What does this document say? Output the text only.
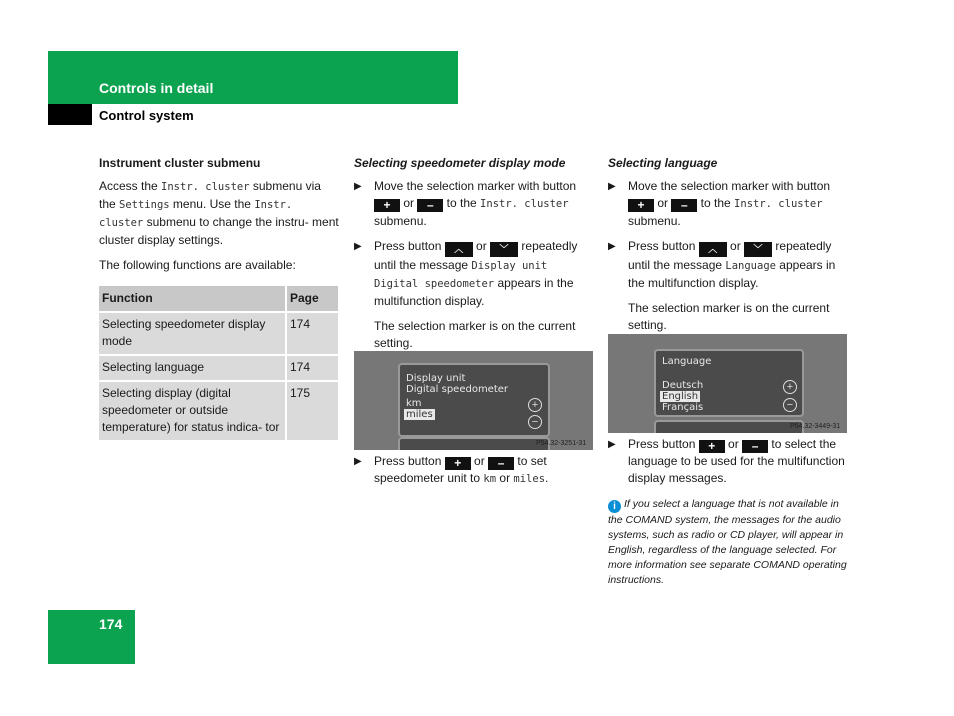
Controls in detail
Control system

Instrument cluster submenu

Access the Instr. cluster submenu via the Settings menu. Use the Instr. cluster submenu to change the instru- ment cluster display settings.

The following functions are available:

Function	Page
Selecting speedometer display mode	174
Selecting language	174
Selecting display (digital speedometer or outside temperature) for status indica- tor	175

Selecting speedometer display mode

▶ Move the selection marker with button + or – to the Instr. cluster submenu.
▶ Press button ︿ or ﹀ repeatedly until the message Display unit Digital speedometer appears in the multifunction display.

The selection marker is on the current setting.

Display unit
Digital speedometer
km
miles
+
−
P54.32-3251-31
▶ Press button + or – to set speedometer unit to km or miles.

Selecting language

▶ Move the selection marker with button + or – to the Instr. cluster submenu.
▶ Press button ︿ or ﹀ repeatedly until the message Language appears in the multifunction display.

The selection marker is on the current setting.

Language
Deutsch
English
Français
+
−
P54.32-3449-31
▶ Press button + or – to select the language to be used for the multifunction display messages.
i If you select a language that is not available in the COMAND system, the messages for the audio systems, such as radio or CD player, will appear in English, regardless of the language selected. For more information see separate COMAND operating instructions.
174
